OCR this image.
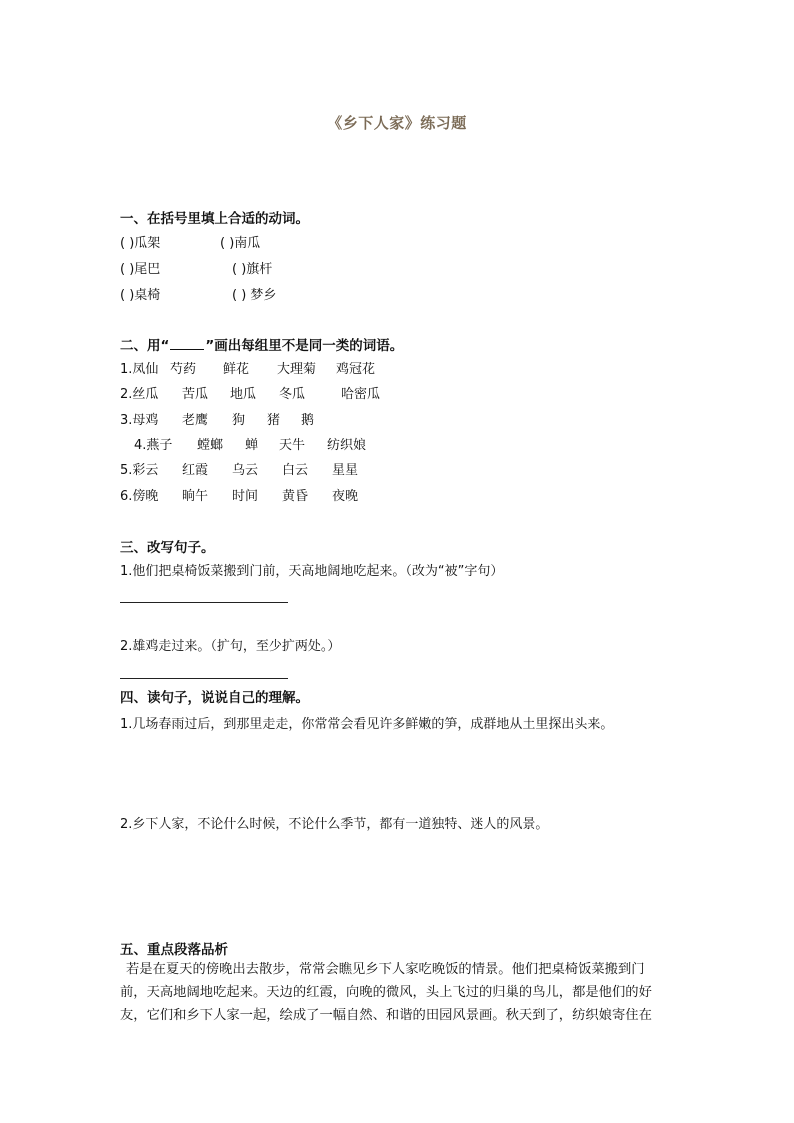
《乡下人家》练习题
一、在括号里填上合适的动词。
( )瓜架	( )南瓜
( )尾巴	( )旗杆
( )桌椅	( ) 梦乡
二、用“	”画出每组里不是同一类的词语。
1.凤仙 芍药 鲜花 大理菊 鸡冠花
2.丝瓜 苦瓜 地瓜 冬瓜	哈密瓜
3.母鸡 老鹰 狗 猪 鹅
4.燕子 螳螂 蝉 天牛 纺织娘
5.彩云 红霞 乌云 白云 星星
6.傍晚 晌午 时间 黄昏 夜晚
三、改写句子。
1.他们把桌椅饭菜搬到门前，天高地阔地吃起来。（改为“被”字句）
2.雄鸡走过来。（扩句，至少扩两处。）
四、读句子，说说自己的理解。
1.几场春雨过后，到那里走走，你常常会看见许多鲜嫩的笋，成群地从土里探出头来。
2.乡下人家，不论什么时候，不论什么季节，都有一道独特、迷人的风景。
五、重点段落品析
若是在夏天的傍晚出去散步，常常会瞧见乡下人家吃晚饭的情景。他们把桌椅饭菜搬到门
前，天高地阔地吃起来。天边的红霞，向晚的微风，头上飞过的归巢的鸟儿，都是他们的好
友，它们和乡下人家一起，绘成了一幅自然、和谐的田园风景画。秋天到了，纺织娘寄住在
